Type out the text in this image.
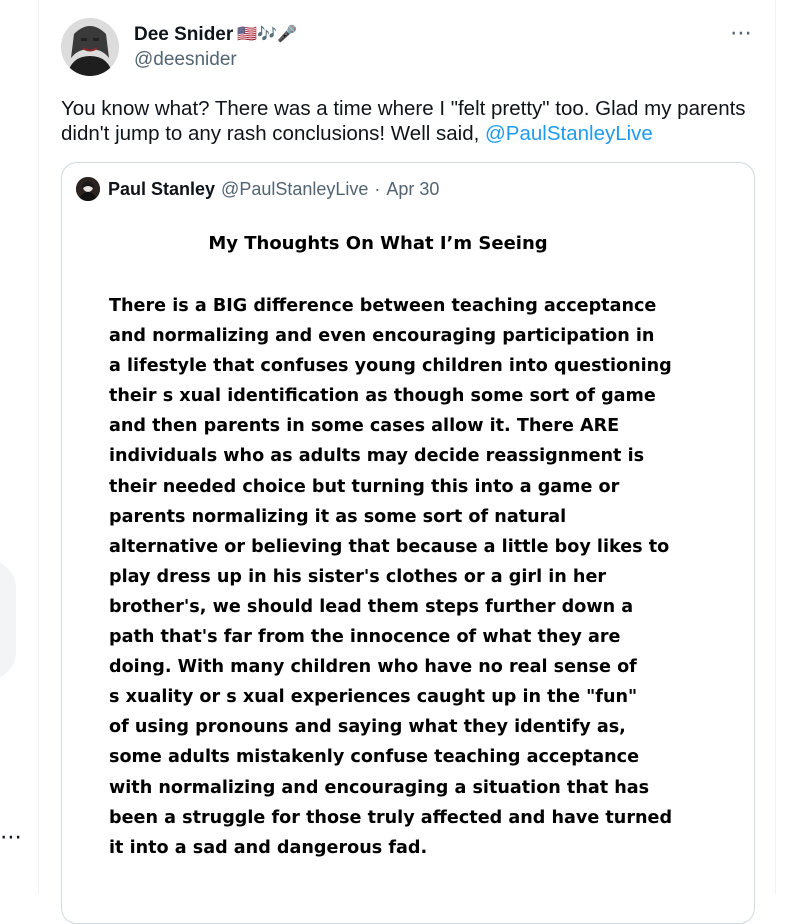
⋯
Dee Snider 🇺🇸🎶🎤
@deesnider
⋯
You know what? There was a time where I "felt pretty" too. Glad my parents didn't jump to any rash conclusions! Well said, @PaulStanleyLive
Paul Stanley @PaulStanleyLive · Apr 30
My Thoughts On What I’m Seeing
There is a BIG difference between teaching acceptance
and normalizing and even encouraging participation in
a lifestyle that confuses young children into questioning
their s xual identification as though some sort of game
and then parents in some cases allow it. There ARE
individuals who as adults may decide reassignment is
their needed choice but turning this into a game or
parents normalizing it as some sort of natural
alternative or believing that because a little boy likes to
play dress up in his sister's clothes or a girl in her
brother's, we should lead them steps further down a
path that's far from the innocence of what they are
doing. With many children who have no real sense of
s xuality or s xual experiences caught up in the "fun"
of using pronouns and saying what they identify as,
some adults mistakenly confuse teaching acceptance
with normalizing and encouraging a situation that has
been a struggle for those truly affected and have turned
it into a sad and dangerous fad.
